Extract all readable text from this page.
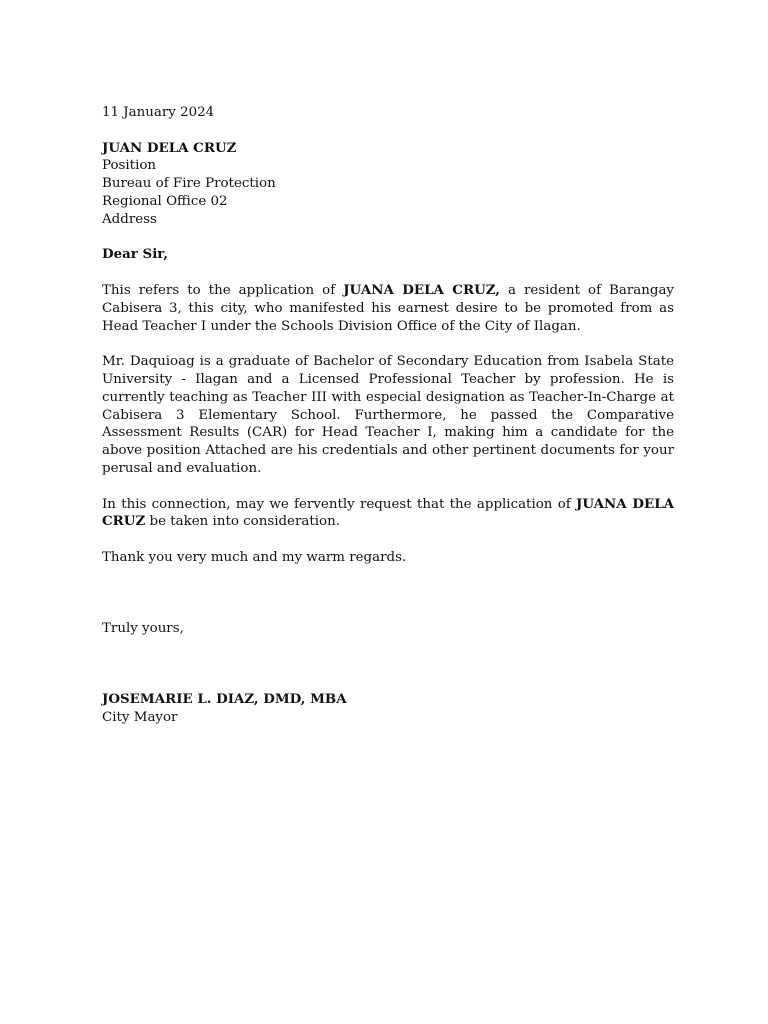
11 January 2024

JUAN DELA CRUZ
Position
Bureau of Fire Protection
Regional Office 02
Address

Dear Sir,

This refers to the application of JUANA DELA CRUZ, a resident of Barangay Cabisera 3, this city, who manifested his earnest desire to be promoted from as Head Teacher I under the Schools Division Office of the City of Ilagan.

Mr. Daquioag is a graduate of Bachelor of Secondary Education from Isabela State University - Ilagan and a Licensed Professional Teacher by profession. He is currently teaching as Teacher III with especial designation as Teacher-In-Charge at Cabisera 3 Elementary School. Furthermore, he passed the Comparative Assessment Results (CAR) for Head Teacher I, making him a candidate for the above position Attached are his credentials and other pertinent documents for your perusal and evaluation.

In this connection, may we fervently request that the application of JUANA DELA CRUZ be taken into consideration.

Thank you very much and my warm regards.

Truly yours,

JOSEMARIE L. DIAZ, DMD, MBA
City Mayor
